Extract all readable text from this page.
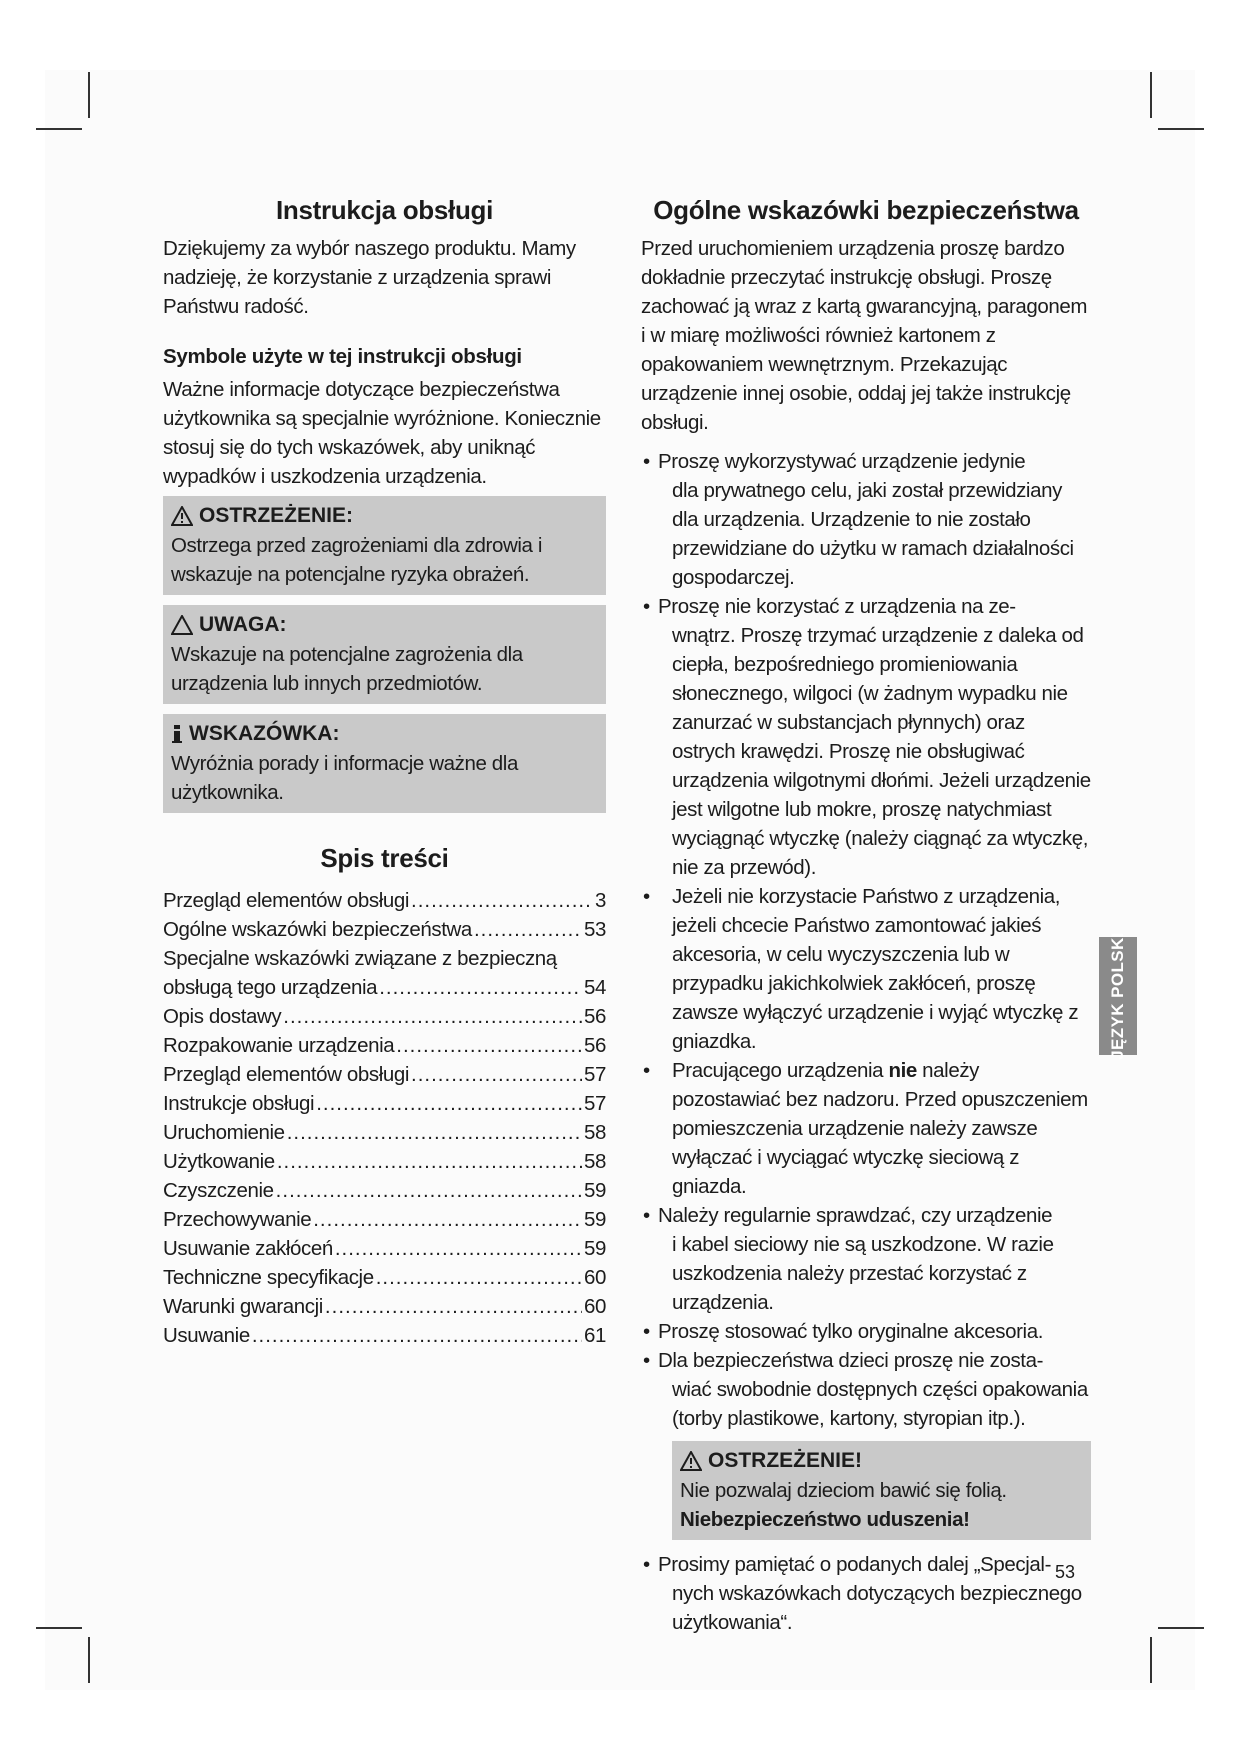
Instrukcja obsługi

Dziękujemy za wybór naszego produktu. Mamy nadzieję, że korzystanie z urządzenia sprawi Państwu radość.

Symbole użyte w tej instrukcji obsługi

Ważne informacje dotyczące bezpieczeństwa użytkownika są specjalnie wyróżnione. Koniecznie stosuj się do tych wskazówek, aby uniknąć wypadków i uszkodzenia urządzenia.

OSTRZEŻENIE:
Ostrzega przed zagrożeniami dla zdrowia i wskazuje na potencjalne ryzyka obrażeń.
UWAGA:
Wskazuje na potencjalne zagrożenia dla urządzenia lub innych przedmiotów.
WSKAZÓWKA:
Wyróżnia porady i informacje ważne dla użytkownika.
Spis treści
Przegląd elementów obsługi .....	3
Ogólne wskazówki bezpieczeństwa .....	53
Specjalne wskazówki związane z bezpieczną
obsługą tego urządzenia .....	54
Opis dostawy .....	56
Rozpakowanie urządzenia .....	56
Przegląd elementów obsługi .....	57
Instrukcje obsługi .....	57
Uruchomienie .....	58
Użytkowanie .....	58
Czyszczenie .....	59
Przechowywanie .....	59
Usuwanie zakłóceń .....	59
Techniczne specyfikacje .....	60
Warunki gwarancji .....	60
Usuwanie .....	61
Ogólne wskazówki bezpieczeństwa

Przed uruchomieniem urządzenia proszę bardzo dokładnie przeczytać instrukcję obsługi. Proszę zachować ją wraz z kartą gwarancyjną, paragonem i w miarę możliwości również kartonem z opakowaniem wewnętrznym. Przekazując urządzenie innej osobie, oddaj jej także instrukcję obsługi.

• Proszę wykorzystywać urządzenie jedynie
dla prywatnego celu, jaki został przewidziany dla urządzenia. Urządzenie to nie zostało przewidziane do użytku w ramach działalności gospodarczej.
• Proszę nie korzystać z urządzenia na ze-
wnątrz. Proszę trzymać urządzenie z daleka od ciepła, bezpośredniego promieniowania słonecznego, wilgoci (w żadnym wypadku nie zanurzać w substancjach płynnych) oraz ostrych krawędzi. Proszę nie obsługiwać urządzenia wilgotnymi dłońmi. Jeżeli urządzenie jest wilgotne lub mokre, proszę natychmiast wyciągnąć wtyczkę (należy ciągnąć za wtyczkę, nie za przewód).
• Jeżeli nie korzystacie Państwo z urządzenia, jeżeli chcecie Państwo zamontować jakieś akcesoria, w celu wyczyszczenia lub w przypadku jakichkolwiek zakłóceń, proszę zawsze wyłączyć urządzenie i wyjąć wtyczkę z gniazdka.
• Pracującego urządzenia nie należy pozostawiać bez nadzoru. Przed opuszczeniem pomieszczenia urządzenie należy zawsze wyłączać i wyciągać wtyczkę sieciową z gniazda.
• Należy regularnie sprawdzać, czy urządzenie
i kabel sieciowy nie są uszkodzone. W razie uszkodzenia należy przestać korzystać z urządzenia.
• Proszę stosować tylko oryginalne akcesoria.
• Dla bezpieczeństwa dzieci proszę nie zosta-
wiać swobodnie dostępnych części opakowania (torby plastikowe, kartony, styropian itp.).
OSTRZEŻENIE!
Nie pozwalaj dzieciom bawić się folią.
Niebezpieczeństwo uduszenia!
• Prosimy pamiętać o podanych dalej „Specjal-
nych wskazówkach dotyczących bezpiecznego użytkowania“.
JĘZYK POLSKI
53
